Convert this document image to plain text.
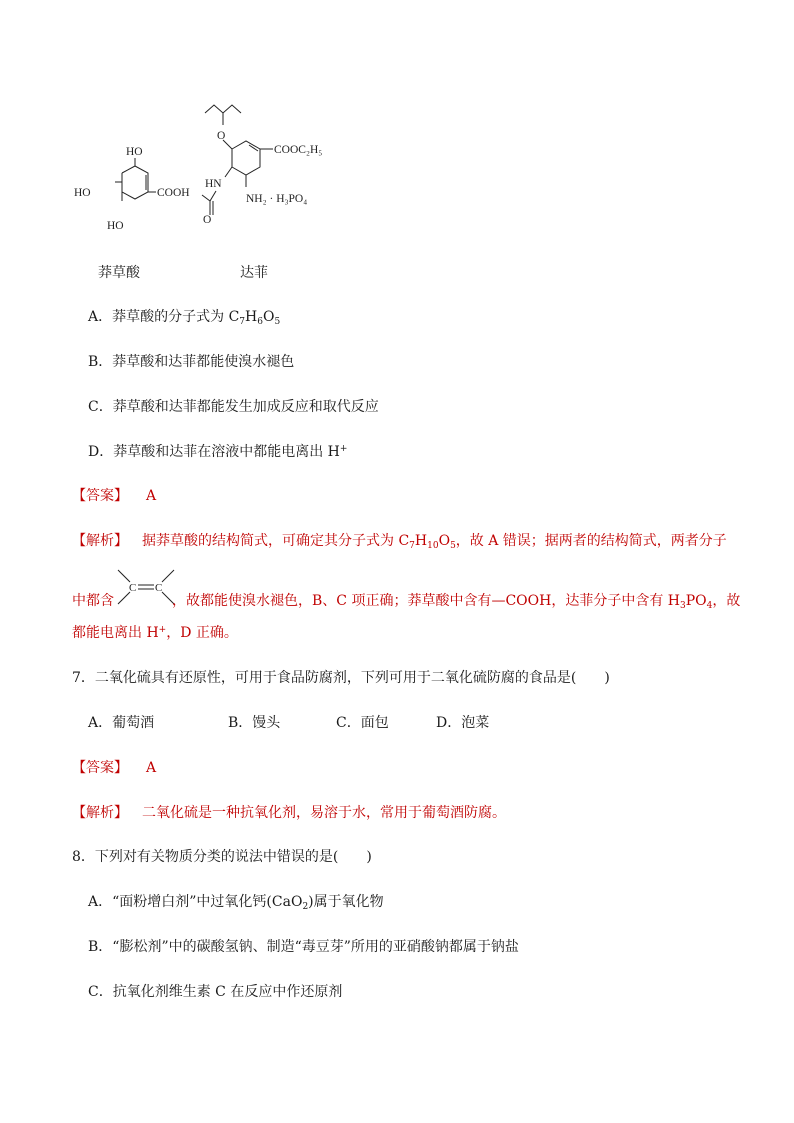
HO
HO	COOH
HO
O
COOC₂H₅
HN
NH₂ · H₃PO₄
O
莽草酸	达菲
A．莽草酸的分子式为 $C_7H_6O_5$
B．莽草酸和达菲都能使溴水褪色
C．莽草酸和达菲都能发生加成反应和取代反应
D．莽草酸和达菲在溶液中都能电离出 H+
【答案】 A
【解析】 据莽草酸的结构简式，可确定其分子式为 $C_7H_{10}O_5$，故 A 错误；据两者的结构简式，两者分子
中都含
C C
，故都能使溴水褪色，B、C 项正确；莽草酸中含有—COOH，达菲分子中含有 $H_3PO_4$，故
都能电离出 H+，D 正确。
7．二氧化硫具有还原性，可用于食品防腐剂，下列可用于二氧化硫防腐的食品是(　　)
A．葡萄酒	B．馒头	C．面包	D．泡菜
【答案】 A
【解析】 二氧化硫是一种抗氧化剂，易溶于水，常用于葡萄酒防腐。
8．下列对有关物质分类的说法中错误的是(　　)
A．“面粉增白剂”中过氧化钙(CaO$_2$)属于氧化物
B．“膨松剂”中的碳酸氢钠、制造“毒豆芽”所用的亚硝酸钠都属于钠盐
C．抗氧化剂维生素 C 在反应中作还原剂
